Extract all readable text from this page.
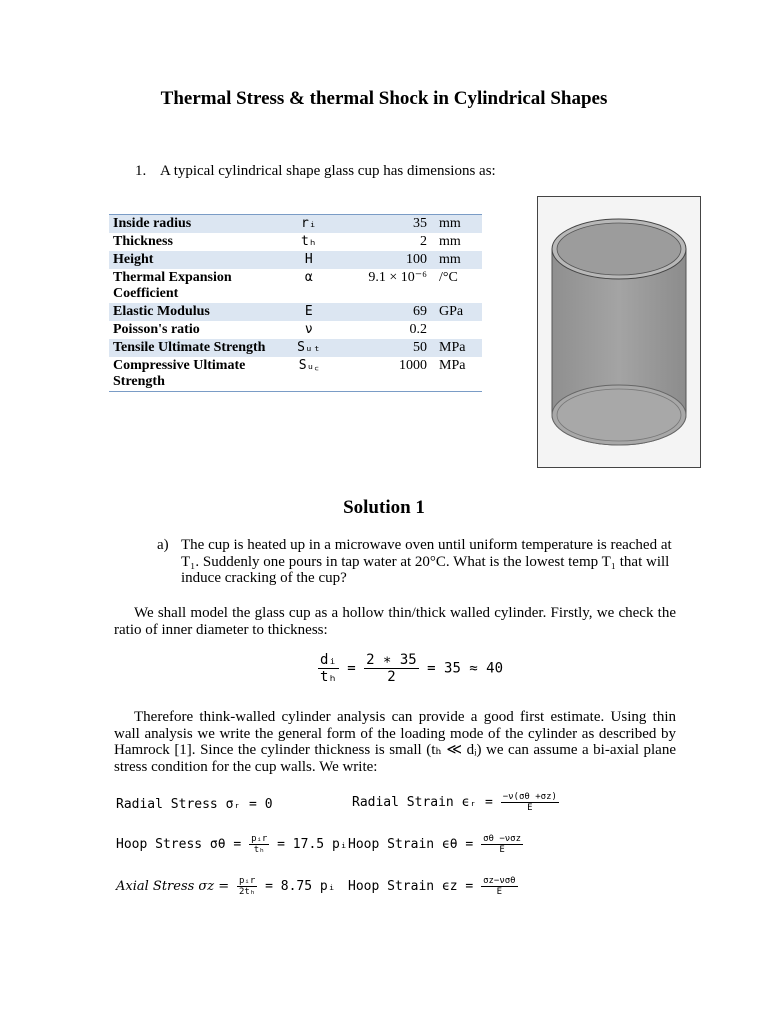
Thermal Stress & thermal Shock in Cylindrical Shapes
1. A typical cylindrical shape glass cup has dimensions as:
Inside radius	rᵢ	35	mm
Thickness	tₕ	2	mm
Height	H	100	mm
Thermal Expansion Coefficient	α	9.1 × 10⁻⁶	/°C
Elastic Modulus	E	69	GPa
Poisson's ratio	ν	0.2	
Tensile Ultimate Strength	Sᵤₜ	50	MPa
Compressive Ultimate Strength	Sᵤ꜀	1000	MPa
Solution 1
a) The cup is heated up in a microwave oven until uniform temperature is reached at T₁. Suddenly one pours in tap water at 20°C. What is the lowest temp T₁ that will induce cracking of the cup?
We shall model the glass cup as a hollow thin/thick walled cylinder. Firstly, we check the ratio of inner diameter to thickness:
$\frac{\text{dᵢ}}{\text{tₕ}} = \frac{2 ∗ 35}{2} = 35 \approx 40$
Therefore think-walled cylinder analysis can provide a good first estimate. Using thin wall analysis we write the general form of the loading mode of the cylinder as described by Hamrock [1]. Since the cylinder thickness is small (tₕ ≪ dᵢ) we can assume a bi-axial plane stress condition for the cup walls. We write:
Radial Stress σᵣ = 0	Radial Strain ϵᵣ = $\frac{-\nu(\sigma\theta +\sigma z)}{E}$
Hoop Stress $\sigma\theta = \frac{\text{pᵢr}}{\text{tₕ}} = 17.5$ pᵢ Hoop Strain $\epsilon\theta = \frac{\text{σθ −νσz}}{E}$
Axial Stress $\sigma z = \frac{\text{pᵢr}}{\text{2tₕ}} = 8.75$ pᵢ Hoop Strain $\epsilon z = \frac{\text{σz−νσθ}}{E}$
